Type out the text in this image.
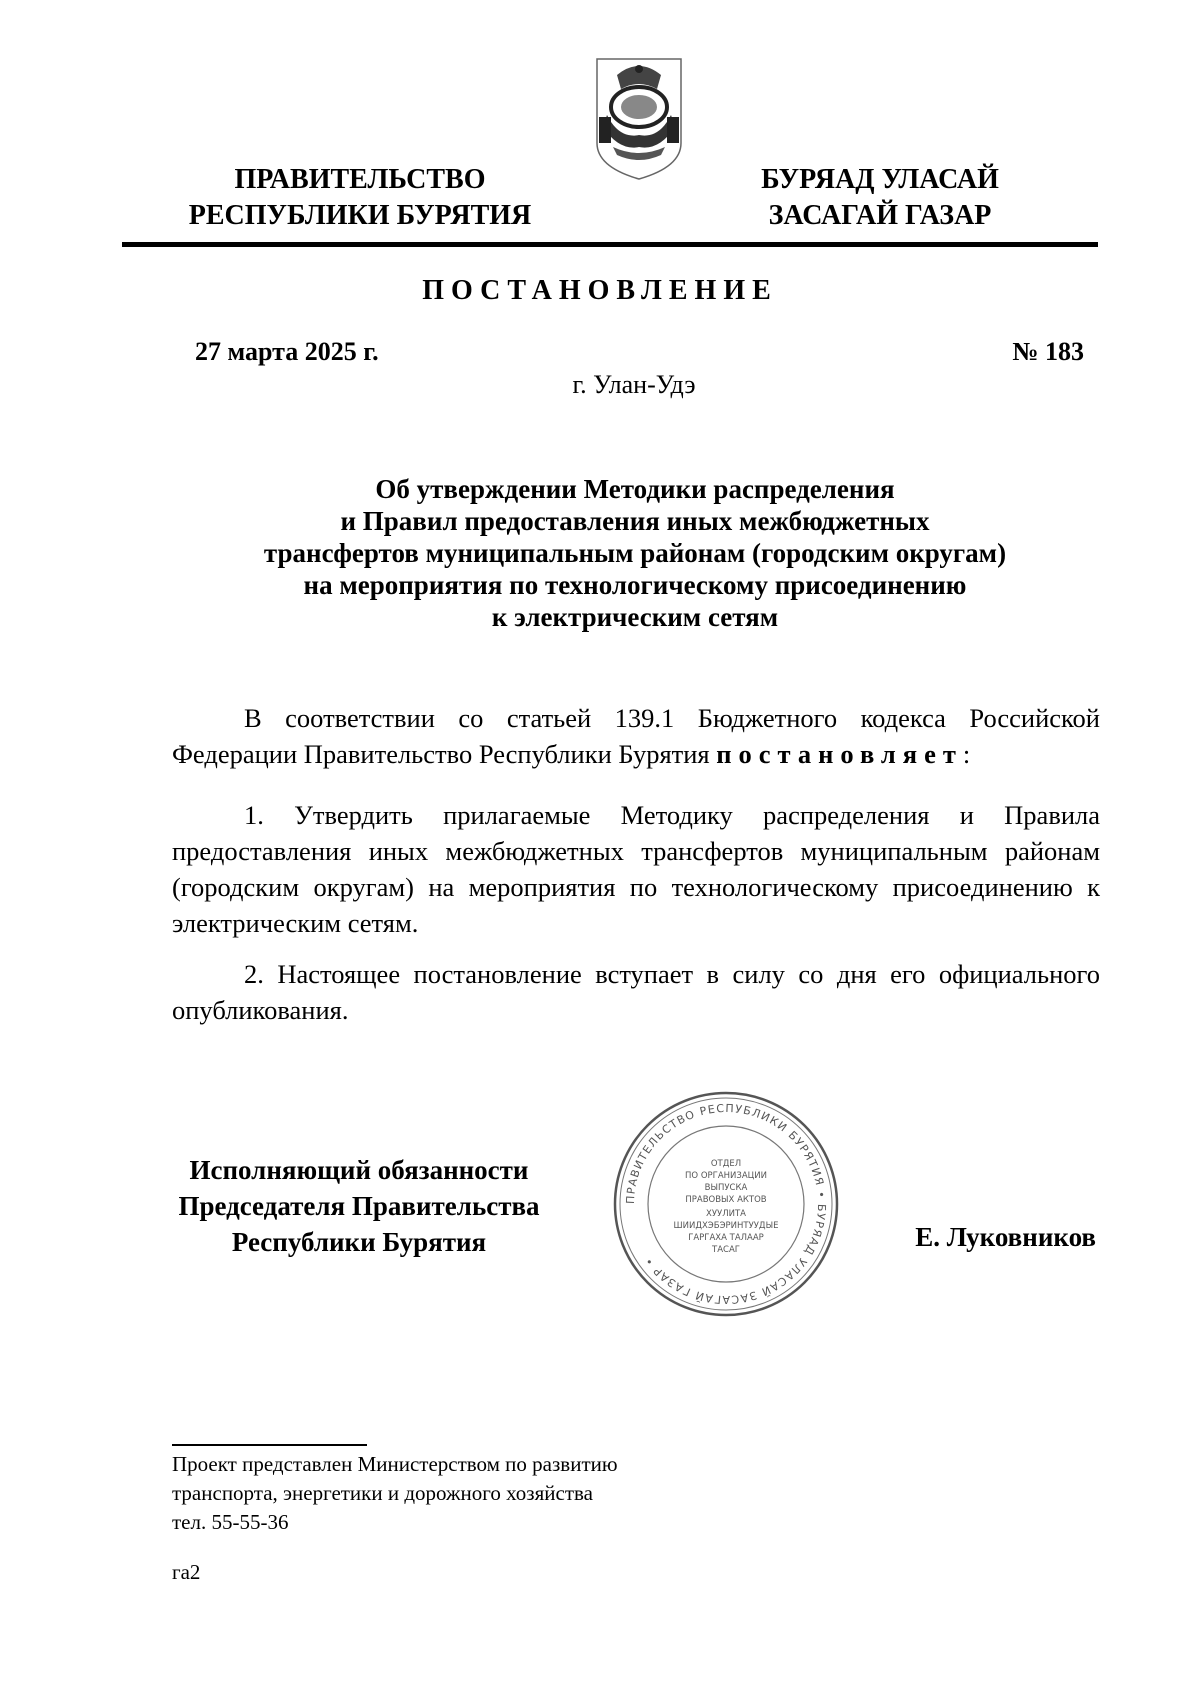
ПРАВИТЕЛЬСТВО
РЕСПУБЛИКИ БУРЯТИЯ
БУРЯАД УЛАСАЙ
ЗАСАГАЙ ГАЗАР
ПОСТАНОВЛЕНИЕ
27 марта 2025 г.	№ 183
г. Улан-Удэ
Об утверждении Методики распределения
и Правил предоставления иных межбюджетных
трансфертов муниципальным районам (городским округам)
на мероприятия по технологическому присоединению
к электрическим сетям
В соответствии со статьей 139.1 Бюджетного кодекса Российской Федерации Правительство Республики Бурятия постановляет:
1. Утвердить прилагаемые Методику распределения и Правила предоставления иных межбюджетных трансфертов муниципальным районам (городским округам) на мероприятия по технологическому присоединению к электрическим сетям.
2. Настоящее постановление вступает в силу со дня его официального опубликования.
Исполняющий обязанности
Председателя Правительства
Республики Бурятия
ПРАВИТЕЛЬСТВО РЕСПУБЛИКИ БУРЯТИЯ • БУРЯАД УЛАСАЙ ЗАСАГАЙ ГАЗАР •
ОТДЕЛ
ПО ОРГАНИЗАЦИИ
ВЫПУСКА
ПРАВОВЫХ АКТОВ
ХУУЛИТА
ШИИДХЭБЭРИНТУУДЫЕ
ГАРГАХА ТАЛААР
ТАСАГ	Е. Луковников
Проект представлен Министерством по развитию
транспорта, энергетики и дорожного хозяйства
тел. 55-55-36
га2
